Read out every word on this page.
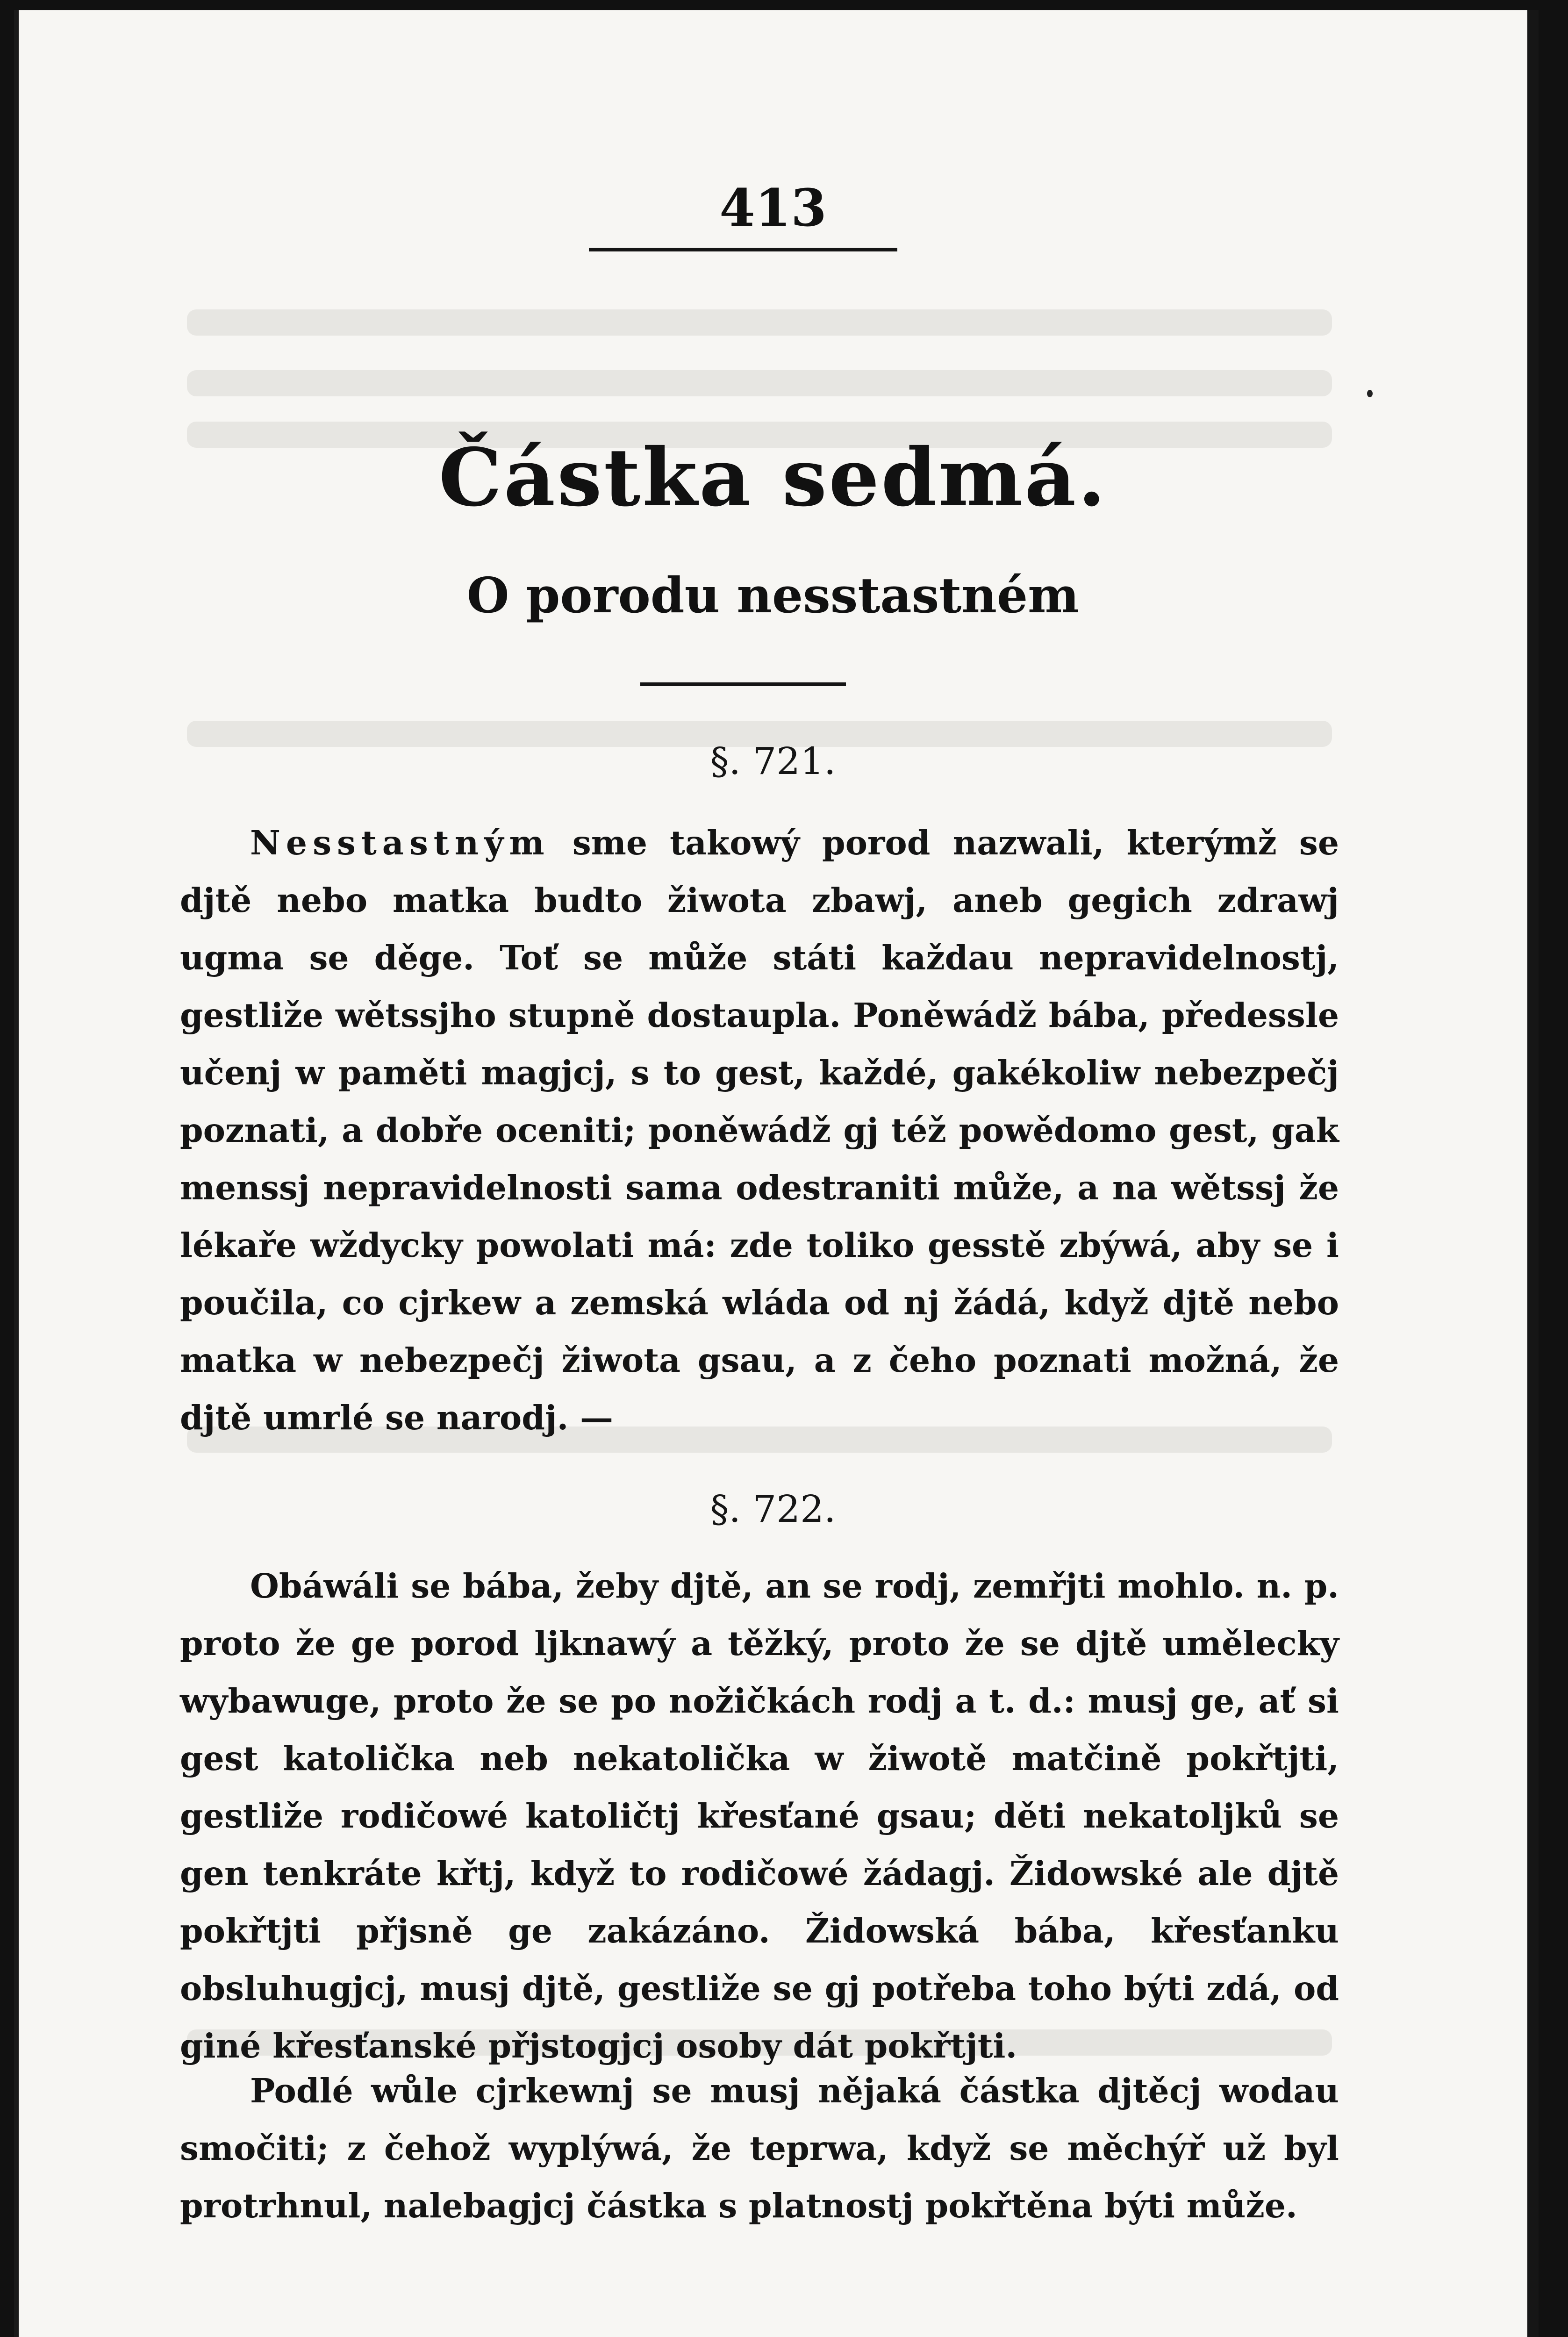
413
Částka sedmá.
O porodu nesstastném
§. 721.

Nesstastným sme takowý porod nazwali, kterýmž se djtě nebo matka budto žiwota zbawj, aneb gegich zdrawj ugma se děge. Toť se může státi každau nepravidelnostj, gestliže wětssjho stupně dostaupla. Poněwádž bába, předessle učenj w paměti magjcj, s to gest, každé, gakékoliw nebezpečj poznati, a dobře oceniti; poněwádž gj též powědomo gest, gak menssj nepravidelnosti sama odestraniti může, a na wětssj že lékaře wždycky powolati má: zde toliko gesstě zbýwá, aby se i poučila, co cjrkew a zemská wláda od nj žádá, když djtě nebo matka w nebezpečj žiwota gsau, a z čeho poznati možná, že djtě umrlé se narodj. —

§. 722.

Obáwáli se bába, žeby djtě, an se rodj, zemřjti mohlo. n. p. proto že ge porod ljknawý a těžký, proto že se djtě umělecky wybawuge, proto že se po nožičkách rodj a t. d.: musj ge, ať si gest katolička neb nekatolička w žiwotě matčině pokřtjti, gestliže rodičowé katoličtj křesťané gsau; děti nekatoljků se gen tenkráte křtj, když to rodičowé žádagj. Židowské ale djtě pokřtjti přjsně ge zakázáno. Židowská bába, křesťanku obsluhugjcj, musj djtě, gestliže se gj potřeba toho býti zdá, od giné křesťanské přjstogjcj osoby dát pokřtjti.

Podlé wůle cjrkewnj se musj nějaká částka djtěcj wodau smočiti; z čehož wyplýwá, že teprwa, když se měchýř už byl protrhnul, nalebagjcj částka s platnostj pokřtěna býti může.
